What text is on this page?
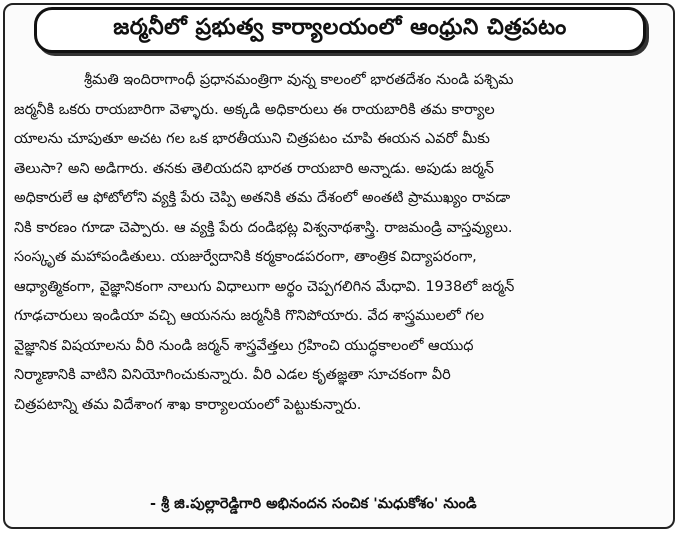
జర్మనీలో ప్రభుత్వ కార్యాలయంలో ఆంధ్రుని చిత్రపటం
శ్రీమతి ఇందిరాగాంధీ ప్రధానమంత్రిగా వున్న కాలంలో భారతదేశం నుండి పశ్చిమ
జర్మనీకి ఒకరు రాయబారిగా వెళ్ళారు. అక్కడి అధికారులు ఈ రాయబారికి తమ కార్యాల
యాలను చూపుతూ అచట గల ఒక భారతీయుని చిత్రపటం చూపి ఈయన ఎవరో మీకు
తెలుసా? అని అడిగారు. తనకు తెలియదని భారత రాయబారి అన్నాడు. అపుడు జర్మన్
అధికారులే ఆ ఫోటోలోని వ్యక్తి పేరు చెప్పి అతనికి తమ దేశంలో అంతటి ప్రాముఖ్యం రావడా
నికి కారణం గూడా చెప్పారు. ఆ వ్యక్తి పేరు దండిభట్ల విశ్వనాథశాస్త్రి. రాజమండ్రి వాస్తవ్యులు.
సంస్కృత మహాపండితులు. యజుర్వేదానికి కర్మకాండపరంగా, తాంత్రిక విద్యాపరంగా,
ఆధ్యాత్మికంగా, వైజ్ఞానికంగా నాలుగు విధాలుగా అర్థం చెప్పగలిగిన మేధావి. 1938లో జర్మన్
గూఢచారులు ఇండియా వచ్చి ఆయనను జర్మనీకి గొనిపోయారు. వేద శాస్త్రములలో గల
వైజ్ఞానిక విషయాలను వీరి నుండి జర్మన్ శాస్త్రవేత్తలు గ్రహించి యుద్ధకాలంలో ఆయుధ
నిర్మాణానికి వాటిని వినియోగించుకున్నారు. వీరి ఎడల కృతజ్ఞతా సూచకంగా వీరి
చిత్రపటాన్ని తమ విదేశాంగ శాఖ కార్యాలయంలో పెట్టుకున్నారు.
- శ్రీ జి.పుల్లారెడ్డిగారి అభినందన సంచిక 'మధుకోశం' నుండి
